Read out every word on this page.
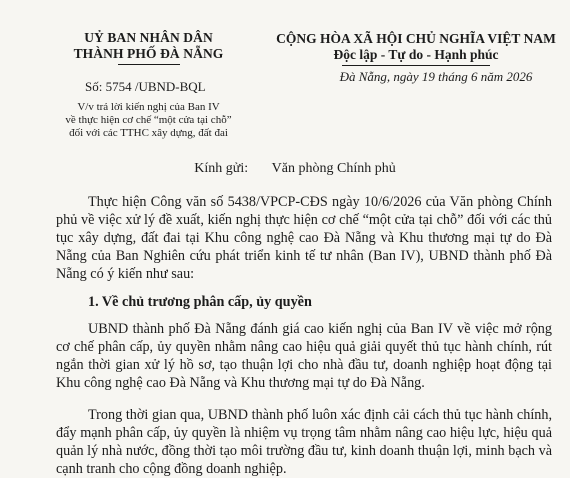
UỶ BAN NHÂN DÂN
THÀNH PHỐ ĐÀ NẴNG
Số: 5754 /UBND-BQL
V/v trả lời kiến nghị của Ban IV
về thực hiện cơ chế “một cửa tại chỗ”
đối với các TTHC xây dựng, đất đai
CỘNG HÒA XÃ HỘI CHỦ NGHĨA VIỆT NAM
Độc lập - Tự do - Hạnh phúc
Đà Nẵng, ngày 19 tháng 6 năm 2026
Kính gửi: Văn phòng Chính phủ

Thực hiện Công văn số 5438/VPCP-CĐS ngày 10/6/2026 của Văn phòng Chính phủ về việc xử lý đề xuất, kiến nghị thực hiện cơ chế “một cửa tại chỗ” đối với các thủ tục xây dựng, đất đai tại Khu công nghệ cao Đà Nẵng và Khu thương mại tự do Đà Nẵng của Ban Nghiên cứu phát triển kinh tế tư nhân (Ban IV), UBND thành phố Đà Nẵng có ý kiến như sau:

1. Về chủ trương phân cấp, ủy quyền

UBND thành phố Đà Nẵng đánh giá cao kiến nghị của Ban IV về việc mở rộng cơ chế phân cấp, ủy quyền nhằm nâng cao hiệu quả giải quyết thủ tục hành chính, rút ngắn thời gian xử lý hồ sơ, tạo thuận lợi cho nhà đầu tư, doanh nghiệp hoạt động tại Khu công nghệ cao Đà Nẵng và Khu thương mại tự do Đà Nẵng.

Trong thời gian qua, UBND thành phố luôn xác định cải cách thủ tục hành chính, đẩy mạnh phân cấp, ủy quyền là nhiệm vụ trọng tâm nhằm nâng cao hiệu lực, hiệu quả quản lý nhà nước, đồng thời tạo môi trường đầu tư, kinh doanh thuận lợi, minh bạch và cạnh tranh cho cộng đồng doanh nghiệp.
